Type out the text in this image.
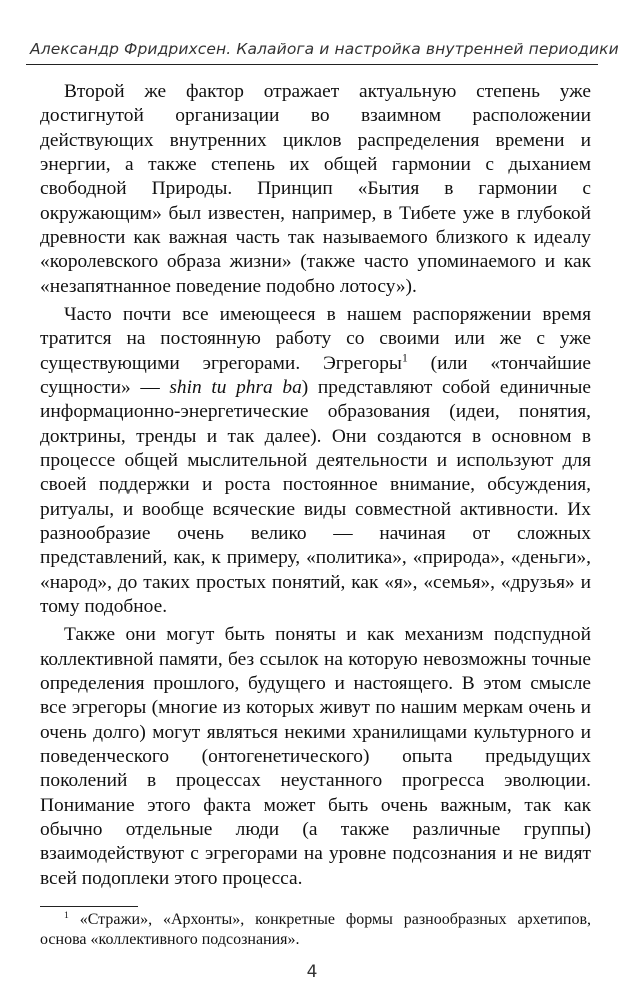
Александр Фридрихсен. Калайога и настройка внутренней периодики

Второй же фактор отражает актуальную степень уже достигнутой организации во взаимном расположении действующих внутренних циклов распределения времени и энергии, а также степень их общей гармонии с дыханием свободной Природы. Принцип «Бытия в гармонии с окружающим» был известен, например, в Тибете уже в глубокой древности как важная часть так называемого близкого к идеалу «королевского образа жизни» (также часто упоминаемого и как «незапятнанное поведение подобно лотосу»).

Часто почти все имеющееся в нашем распоряжении время тратится на постоянную работу со своими или же с уже существующими эгрегорами. Эгрегоры$^1$ (или «тончайшие сущности» — shin tu phra ba) представляют собой единичные информационно-энергетические образования (идеи, понятия, доктрины, тренды и так далее). Они создаются в основном в процессе общей мыслительной деятельности и используют для своей поддержки и роста постоянное внимание, обсуждения, ритуалы, и вообще всяческие виды совместной активности. Их разнообразие очень велико — начиная от сложных представлений, как, к примеру, «политика», «природа», «деньги», «народ», до таких простых понятий, как «я», «семья», «друзья» и тому подобное.

Также они могут быть поняты и как механизм подспудной коллективной памяти, без ссылок на которую невозможны точные определения прошлого, будущего и настоящего. В этом смысле все эгрегоры (многие из которых живут по нашим меркам очень и очень долго) могут являться некими хранилищами культурного и поведенческого (онтогенетического) опыта предыдущих поколений в процессах неустанного прогресса эволюции. Понимание этого факта может быть очень важным, так как обычно отдельные люди (а также различные группы) взаимодействуют с эгрегорами на уровне подсознания и не видят всей подоплеки этого процесса.

$^1$ «Стражи», «Архонты», конкретные формы разнообразных архетипов, основа «коллективного подсознания».
4
